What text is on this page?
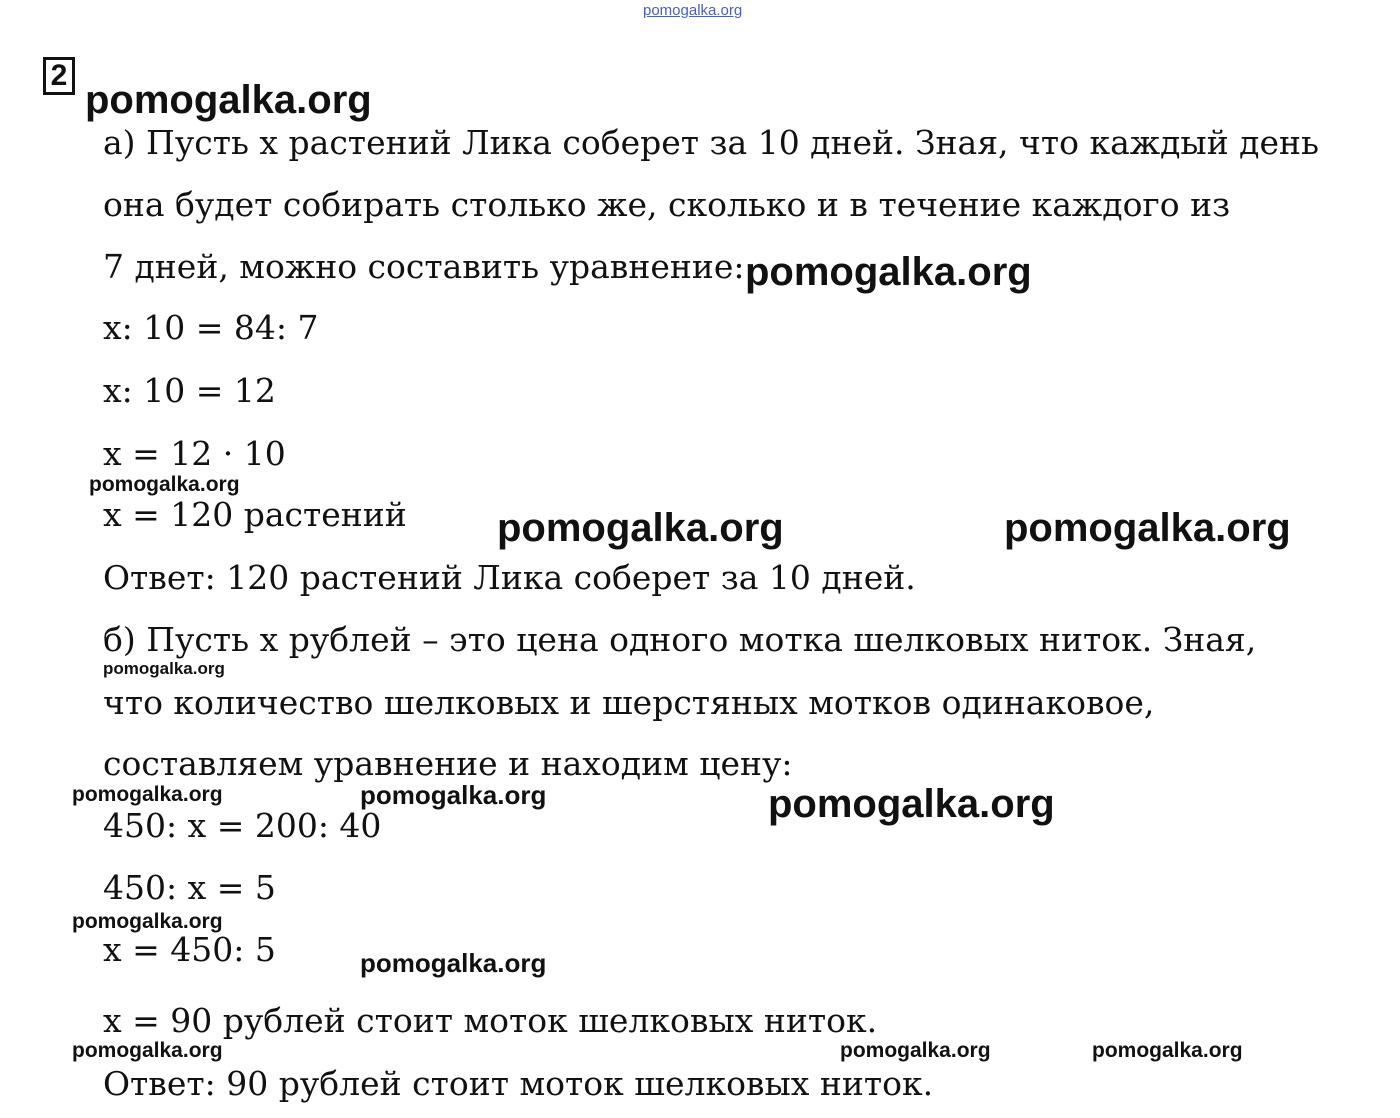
pomogalka.org
2
pomogalka.org
а) Пусть x растений Лика соберет за 10 дней. Зная, что каждый день
она будет собирать столько же, сколько и в течение каждого из
7 дней, можно составить уравнение: pomogalka.org
x: 10 = 84: 7
x: 10 = 12
x = 12 · 10
pomogalka.org
x = 120 растений pomogalka.org	pomogalka.org
Ответ: 120 растений Лика соберет за 10 дней.
б) Пусть x рублей – это цена одного мотка шелковых ниток. Зная,
pomogalka.org
что количество шелковых и шерстяных мотков одинаковое,
составляем уравнение и находим цену:
pomogalka.org	pomogalka.org	pomogalka.org
450: x = 200: 40
450: x = 5
pomogalka.org
x = 450: 5	pomogalka.org
x = 90 рублей стоит моток шелковых ниток.
pomogalka.org	pomogalka.org	pomogalka.org
Ответ: 90 рублей стоит моток шелковых ниток.
